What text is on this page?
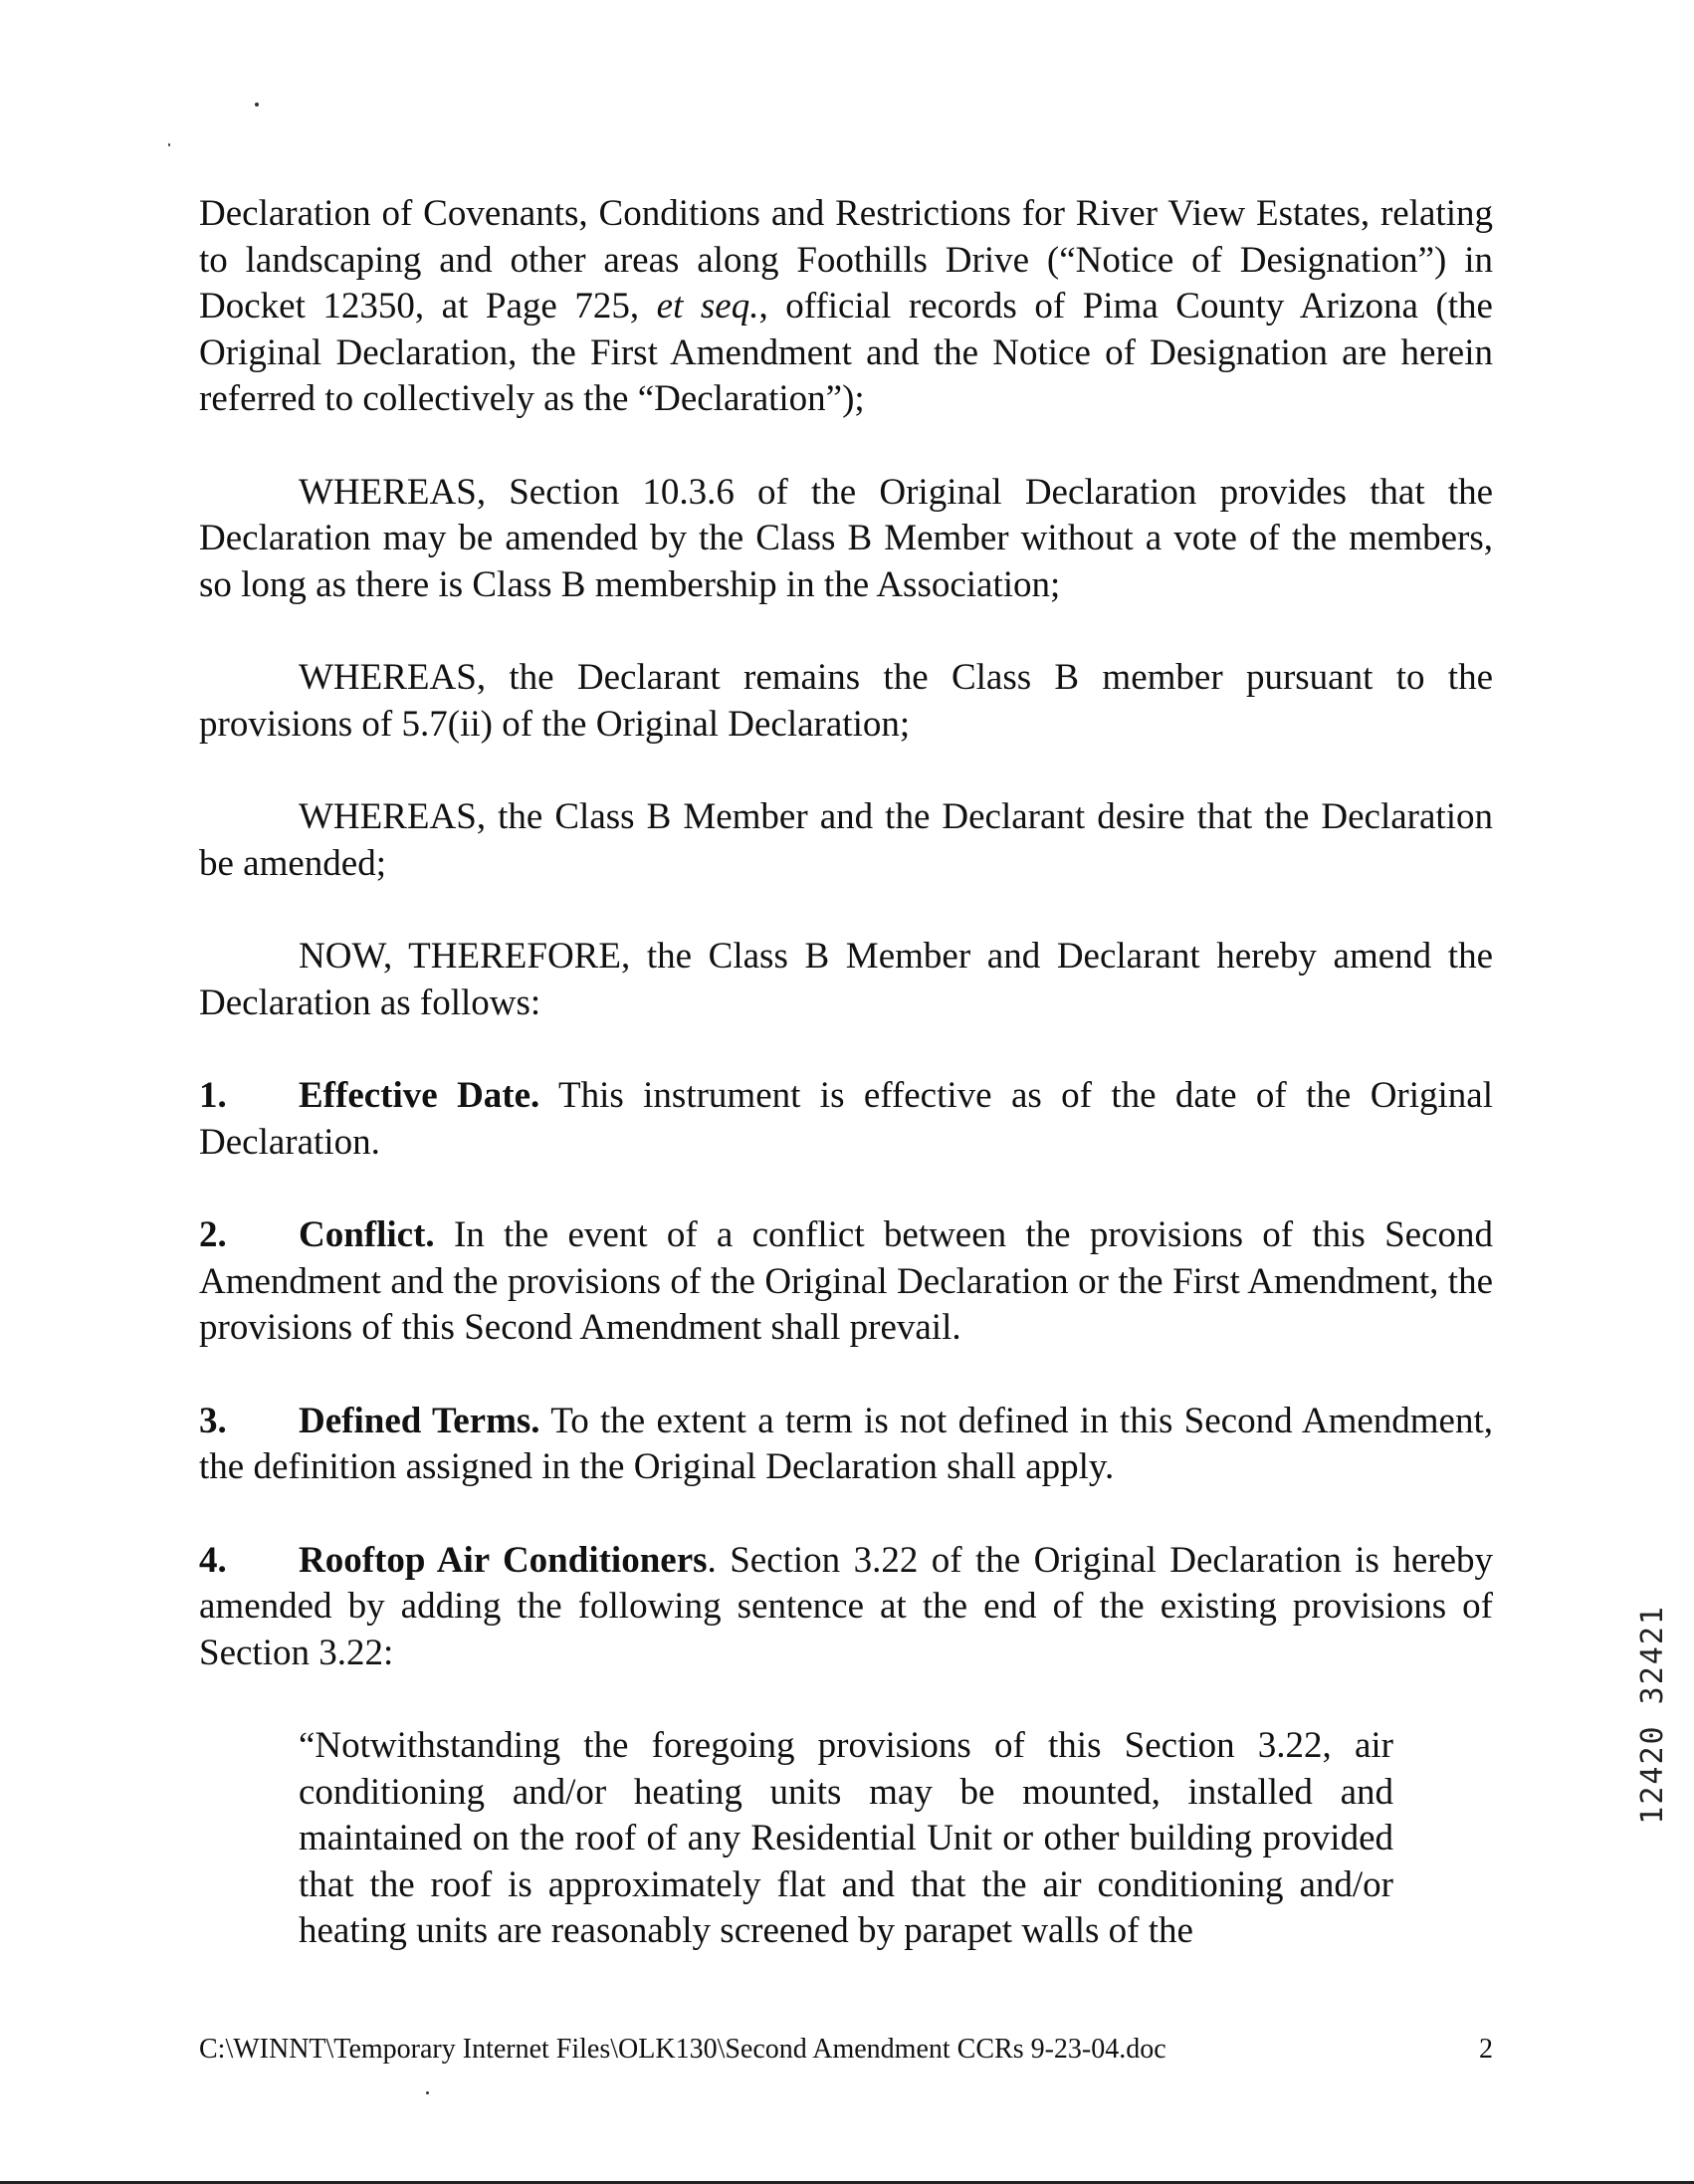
Declaration of Covenants, Conditions and Restrictions for River View Estates, relating to landscaping and other areas along Foothills Drive (“Notice of Designation”) in Docket 12350, at Page 725, et seq., official records of Pima County Arizona (the Original Declaration, the First Amendment and the Notice of Designation are herein referred to collectively as the “Declaration”);

WHEREAS, Section 10.3.6 of the Original Declaration provides that the Declaration may be amended by the Class B Member without a vote of the members, so long as there is Class B membership in the Association;

WHEREAS, the Declarant remains the Class B member pursuant to the provisions of 5.7(ii) of the Original Declaration;

WHEREAS, the Class B Member and the Declarant desire that the Declaration be amended;

NOW, THEREFORE, the Class B Member and Declarant hereby amend the Declaration as follows:

1. Effective Date. This instrument is effective as of the date of the Original Declaration.

2. Conflict. In the event of a conflict between the provisions of this Second Amendment and the provisions of the Original Declaration or the First Amendment, the provisions of this Second Amendment shall prevail.

3. Defined Terms. To the extent a term is not defined in this Second Amendment, the definition assigned in the Original Declaration shall apply.

4. Rooftop Air Conditioners. Section 3.22 of the Original Declaration is hereby amended by adding the following sentence at the end of the existing provisions of Section 3.22:

“Notwithstanding the foregoing provisions of this Section 3.22, air conditioning and/or heating units may be mounted, installed and maintained on the roof of any Residential Unit or other building provided that the roof is approximately flat and that the air conditioning and/or heating units are reasonably screened by parapet walls of the

12420 32421
C:\WINNT\Temporary Internet Files\OLK130\Second Amendment CCRs 9-23-04.doc	2
